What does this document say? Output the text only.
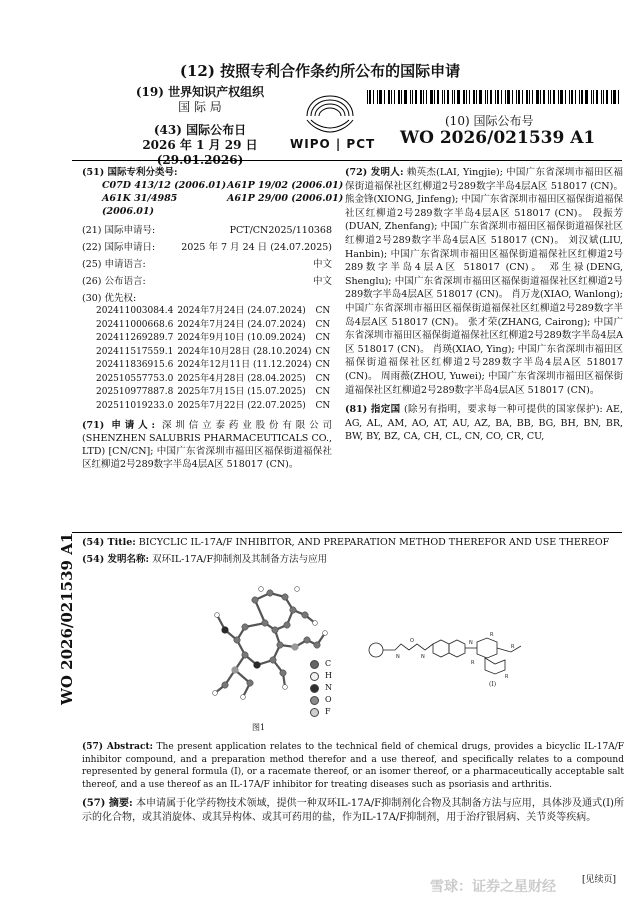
(12) 按照专利合作条约所公布的国际申请
(19) 世界知识产权组织
国 际 局
(43) 国际公布日
2026 年 1 月 29 日 (29.01.2026)
WIPO | PCT
(10) 国际公布号
WO 2026/021539 A1
(51) 国际专利分类号:
C07D 413/12 (2006.01) A61P 19/02 (2006.01)
A61K 31/4985 (2006.01)
A61P 29/00 (2006.01)
(21) 国际申请号:	PCT/CN2025/110368
(22) 国际申请日:	2025 年 7 月 24 日 (24.07.2025)
(25) 申请语言:	中文
(26) 公布语言:	中文
(30) 优先权:
202411003084.4	2024年7月24日 (24.07.2024)	CN
202411000668.6	2024年7月24日 (24.07.2024)	CN
202411269289.7	2024年9月10日 (10.09.2024)	CN
202411517559.1	2024年10月28日 (28.10.2024)	CN
202411836915.6	2024年12月11日 (11.12.2024)	CN
202510557753.0	2025年4月28日 (28.04.2025)	CN
202510977887.8	2025年7月15日 (15.07.2025)	CN
202511019233.0	2025年7月22日 (22.07.2025)	CN
(71) 申请人: 深圳信立泰药业股份有限公司 (SHENZHEN SALUBRIS PHARMACEUTICALS CO., LTD) [CN/CN]; 中国广东省深圳市福田区福保街道福保社区红柳道2号289数字半岛4层A区 518017 (CN)。
(72) 发明人: 赖英杰(LAI, Yingjie); 中国广东省深圳市福田区福保街道福保社区红柳道2号289数字半岛4层A区 518017 (CN)。 熊金锋(XIONG, Jinfeng); 中国广东省深圳市福田区福保街道福保社区红柳道2号289数字半岛4层A区 518017 (CN)。 段振芳(DUAN, Zhenfang); 中国广东省深圳市福田区福保街道福保社区红柳道2号289数字半岛4层A区 518017 (CN)。 刘汉斌(LIU, Hanbin); 中国广东省深圳市福田区福保街道福保社区红柳道2号289数字半岛4层A区 518017 (CN)。 邓生禄(DENG, Shenglu); 中国广东省深圳市福田区福保街道福保社区红柳道2号289数字半岛4层A区 518017 (CN)。 肖万龙(XIAO, Wanlong); 中国广东省深圳市福田区福保街道福保社区红柳道2号289数字半岛4层A区 518017 (CN)。 张才荣(ZHANG, Cairong); 中国广东省深圳市福田区福保街道福保社区红柳道2号289数字半岛4层A区 518017 (CN)。 肖瑛(XIAO, Ying); 中国广东省深圳市福田区福保街道福保社区红柳道2号289数字半岛4层A区 518017 (CN)。 周雨薇(ZHOU, Yuwei); 中国广东省深圳市福田区福保街道福保社区红柳道2号289数字半岛4层A区 518017 (CN)。
(81) 指定国 (除另有指明，要求每一种可提供的国家保护): AE, AG, AL, AM, AO, AT, AU, AZ, BA, BB, BG, BH, BN, BR, BW, BY, BZ, CA, CH, CL, CN, CO, CR, CU,
(54) Title: BICYCLIC IL-17A/F INHIBITOR, AND PREPARATION METHOD THEREFOR AND USE THEREOF
(54) 发明名称: 双环IL-17A/F抑制剂及其制备方法与应用
C
H
N
O
F
N
O
N
N
R
R
R
R
(I)
图1
(57) Abstract: The present application relates to the technical field of chemical drugs, provides a bicyclic IL-17A/F inhibitor compound, and a preparation method therefor and a use thereof, and specifically relates to a compound represented by general formula (I), or a racemate thereof, or an isomer thereof, or a pharmaceutically acceptable salt thereof, and a use thereof as an IL-17A/F inhibitor for treating diseases such as psoriasis and arthritis.
(57) 摘要: 本申请属于化学药物技术领域，提供一种双环IL-17A/F抑制剂化合物及其制备方法与应用，具体涉及通式(I)所示的化合物，或其消旋体、或其异构体、或其可药用的盐，作为IL-17A/F抑制剂，用于治疗银屑病、关节炎等疾病。
WO 2026/021539 A1
[见续页]
雪球：证券之星财经
